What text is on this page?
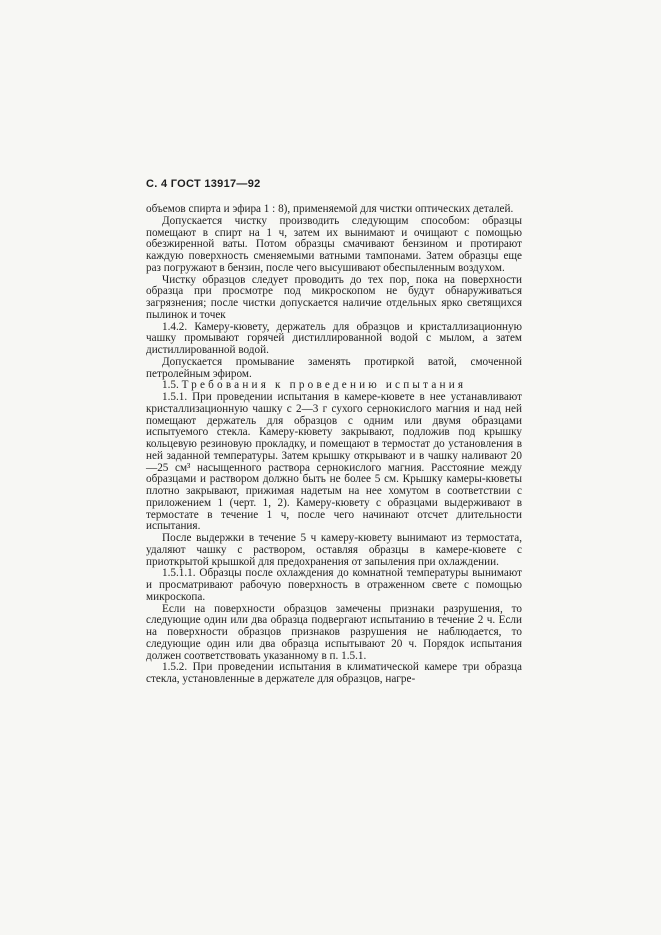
С. 4 ГОСТ 13917—92

объемов спирта и эфира 1 : 8), применяемой для чистки оптических деталей.

Допускается чистку производить следующим способом: образцы помещают в спирт на 1 ч, затем их вынимают и очищают с помощью обезжиренной ваты. Потом образцы смачивают бензином и протирают каждую поверхность сменяемыми ватными тампонами. Затем образцы еще раз погружают в бензин, после чего высушивают обеспыленным воздухом.

Чистку образцов следует проводить до тех пор, пока на поверхности образца при просмотре под микроскопом не будут обнаруживаться загрязнения; после чистки допускается наличие отдельных ярко светящихся пылинок и точек

1.4.2. Камеру-кювету, держатель для образцов и кристаллизационную чашку промывают горячей дистиллированной водой с мылом, а затем дистиллированной водой.

Допускается промывание заменять протиркой ватой, смоченной петролейным эфиром.

1.5. Требования к проведению испытания

1.5.1. При проведении испытания в камере-кювете в нее устанавливают кристаллизационную чашку с 2—3 г сухого сернокислого магния и над ней помещают держатель для образцов с одним или двумя образцами испытуемого стекла. Камеру-кювету закрывают, подложив под крышку кольцевую резиновую прокладку, и помещают в термостат до установления в ней заданной температуры. Затем крышку открывают и в чашку наливают 20—25 см³ насыщенного раствора сернокислого магния. Расстояние между образцами и раствором должно быть не более 5 см. Крышку камеры-кюветы плотно закрывают, прижимая надетым на нее хомутом в соответствии с приложением 1 (черт. 1, 2). Камеру-кювету с образцами выдерживают в термостате в течение 1 ч, после чего начинают отсчет длительности испытания.

После выдержки в течение 5 ч камеру-кювету вынимают из термостата, удаляют чашку с раствором, оставляя образцы в камере-кювете с приоткрытой крышкой для предохранения от запыления при охлаждении.

1.5.1.1. Образцы после охлаждения до комнатной температуры вынимают и просматривают рабочую поверхность в отраженном свете с помощью микроскопа.

Если на поверхности образцов замечены признаки разрушения, то следующие один или два образца подвергают испытанию в течение 2 ч. Если на поверхности образцов признаков разрушения не наблюдается, то следующие один или два образца испытывают 20 ч. Порядок испытания должен соответствовать указанному в п. 1.5.1.

1.5.2. При проведении испытания в климатической камере три образца стекла, установленные в держателе для образцов, нагре-
